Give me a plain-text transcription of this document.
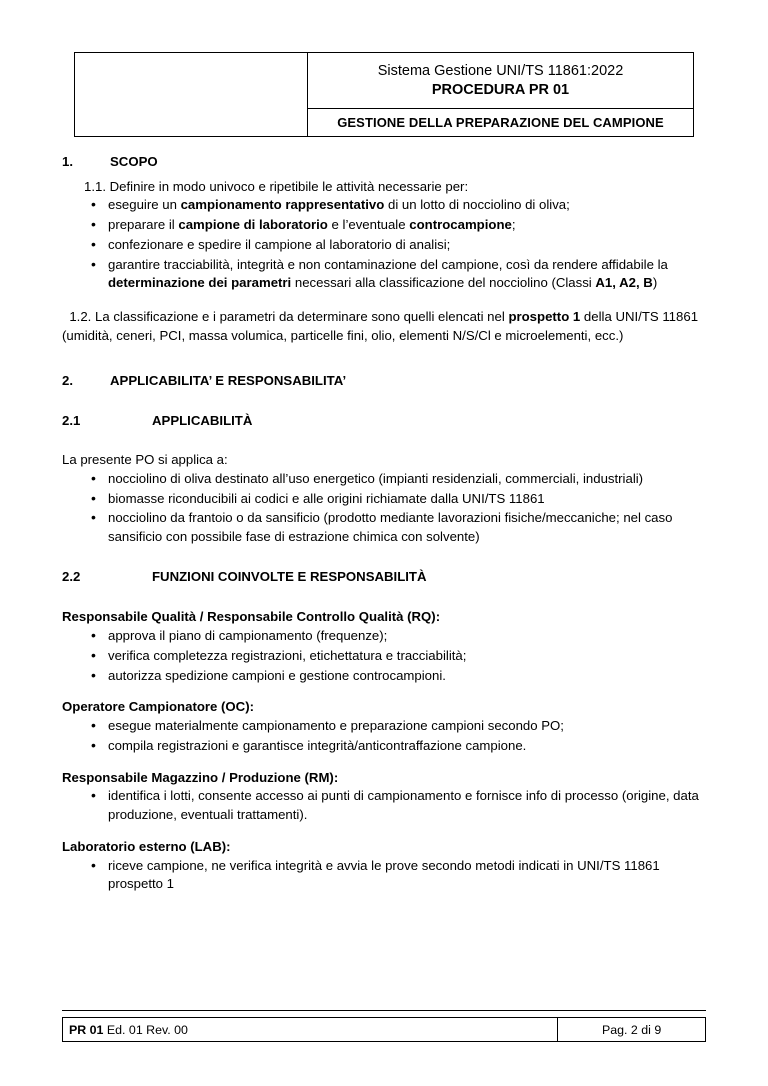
Sistema Gestione UNI/TS 11861:2022
PROCEDURA PR 01

GESTIONE DELLA PREPARAZIONE DEL CAMPIONE
1.	SCOPO
1.1. Definire in modo univoco e ripetibile le attività necessarie per:
• eseguire un campionamento rappresentativo di un lotto di nocciolino di oliva;
• preparare il campione di laboratorio e l’eventuale controcampione;
• confezionare e spedire il campione al laboratorio di analisi;
• garantire tracciabilità, integrità e non contaminazione del campione, così da rendere affidabile la determinazione dei parametri necessari alla classificazione del nocciolino (Classi A1, A2, B)
1.2. La classificazione e i parametri da determinare sono quelli elencati nel prospetto 1 della UNI/TS 11861 (umidità, ceneri, PCI, massa volumica, particelle fini, olio, elementi N/S/Cl e microelementi, ecc.)
2.	APPLICABILITA’ E RESPONSABILITA’
2.1	APPLICABILITÀ
La presente PO si applica a:
• nocciolino di oliva destinato all’uso energetico (impianti residenziali, commerciali, industriali)
• biomasse riconducibili ai codici e alle origini richiamate dalla UNI/TS 11861
• nocciolino da frantoio o da sansificio (prodotto mediante lavorazioni fisiche/meccaniche; nel caso sansificio con possibile fase di estrazione chimica con solvente)
2.2	FUNZIONI COINVOLTE E RESPONSABILITÀ
Responsabile Qualità / Responsabile Controllo Qualità (RQ):
• approva il piano di campionamento (frequenze);
• verifica completezza registrazioni, etichettatura e tracciabilità;
• autorizza spedizione campioni e gestione controcampioni.
Operatore Campionatore (OC):
• esegue materialmente campionamento e preparazione campioni secondo PO;
• compila registrazioni e garantisce integrità/anticontraffazione campione.
Responsabile Magazzino / Produzione (RM):
• identifica i lotti, consente accesso ai punti di campionamento e fornisce info di processo (origine, data produzione, eventuali trattamenti).
Laboratorio esterno (LAB):
• riceve campione, ne verifica integrità e avvia le prove secondo metodi indicati in UNI/TS 11861 prospetto 1
PR 01 Ed. 01 Rev. 00	Pag. 2 di 9
